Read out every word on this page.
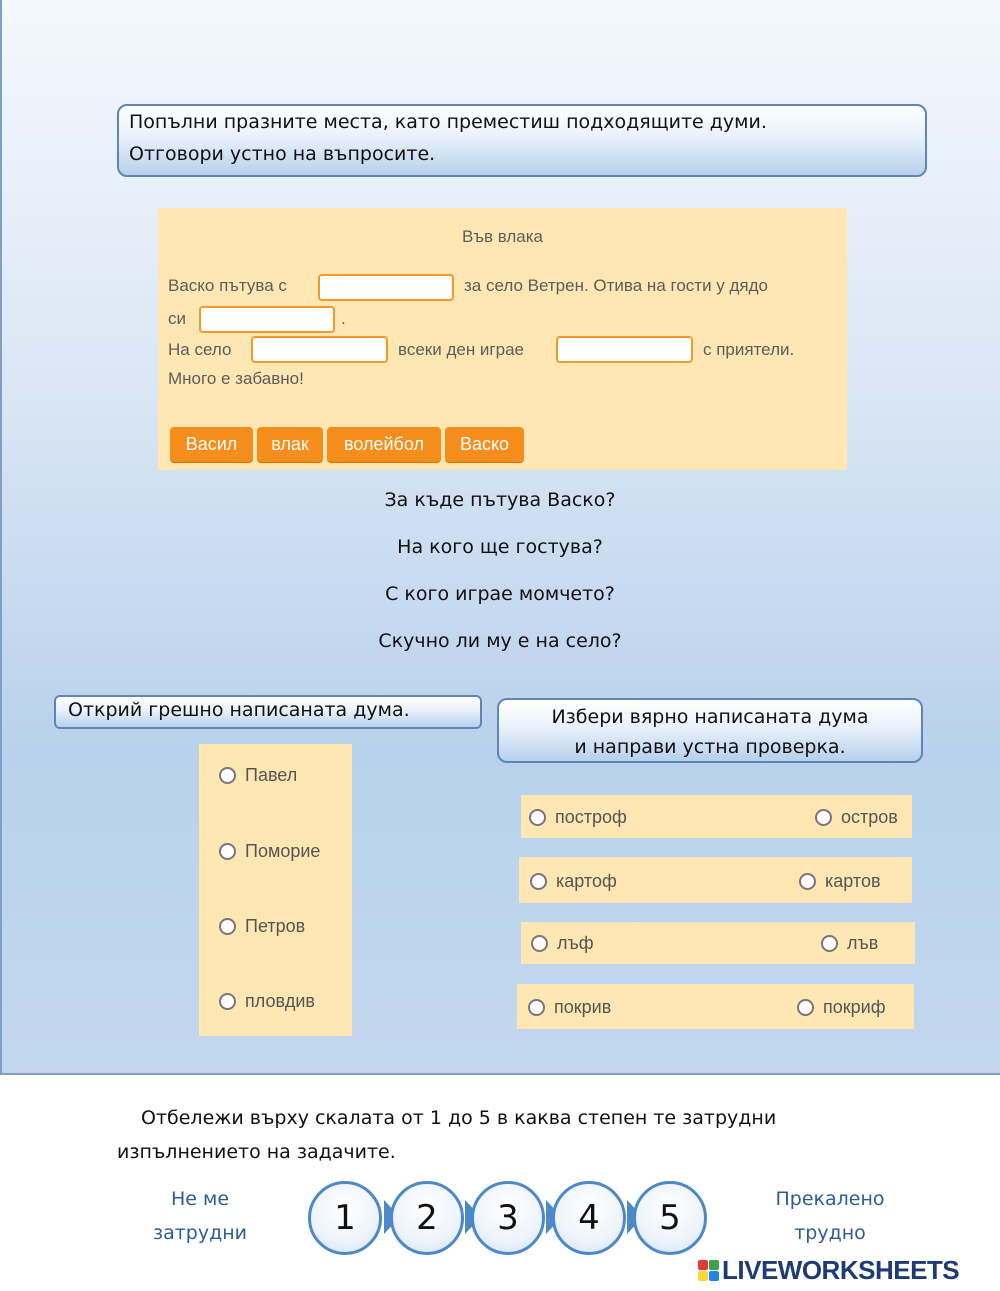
Попълни празните места, като преместиш подходящите думи.
Отговори устно на въпросите.
Във влака
Васко пътува с	за село Ветрен. Отива на гости у дядо
си	.
На село	всеки ден играе	с приятели.
Много е забавно!
Васил	влак	волейбол	Васко
За къде пътува Васко?
На кого ще гостува?
С кого играе момчето?
Скучно ли му е на село?
Открий грешно написаната дума.	Избери вярно написаната дума
и направи устна проверка.
Павел
Поморие
Петров
пловдив
построф	остров
картоф	картов
лъф	лъв
покрив	покриф
Отбележи върху скалата от 1 до 5 в каква степен те затрудни
изпълнението на задачите.
Не ме
затрудни
Прекалено
трудно
1	2	3	4	5
LIVEWORKSHEETS
